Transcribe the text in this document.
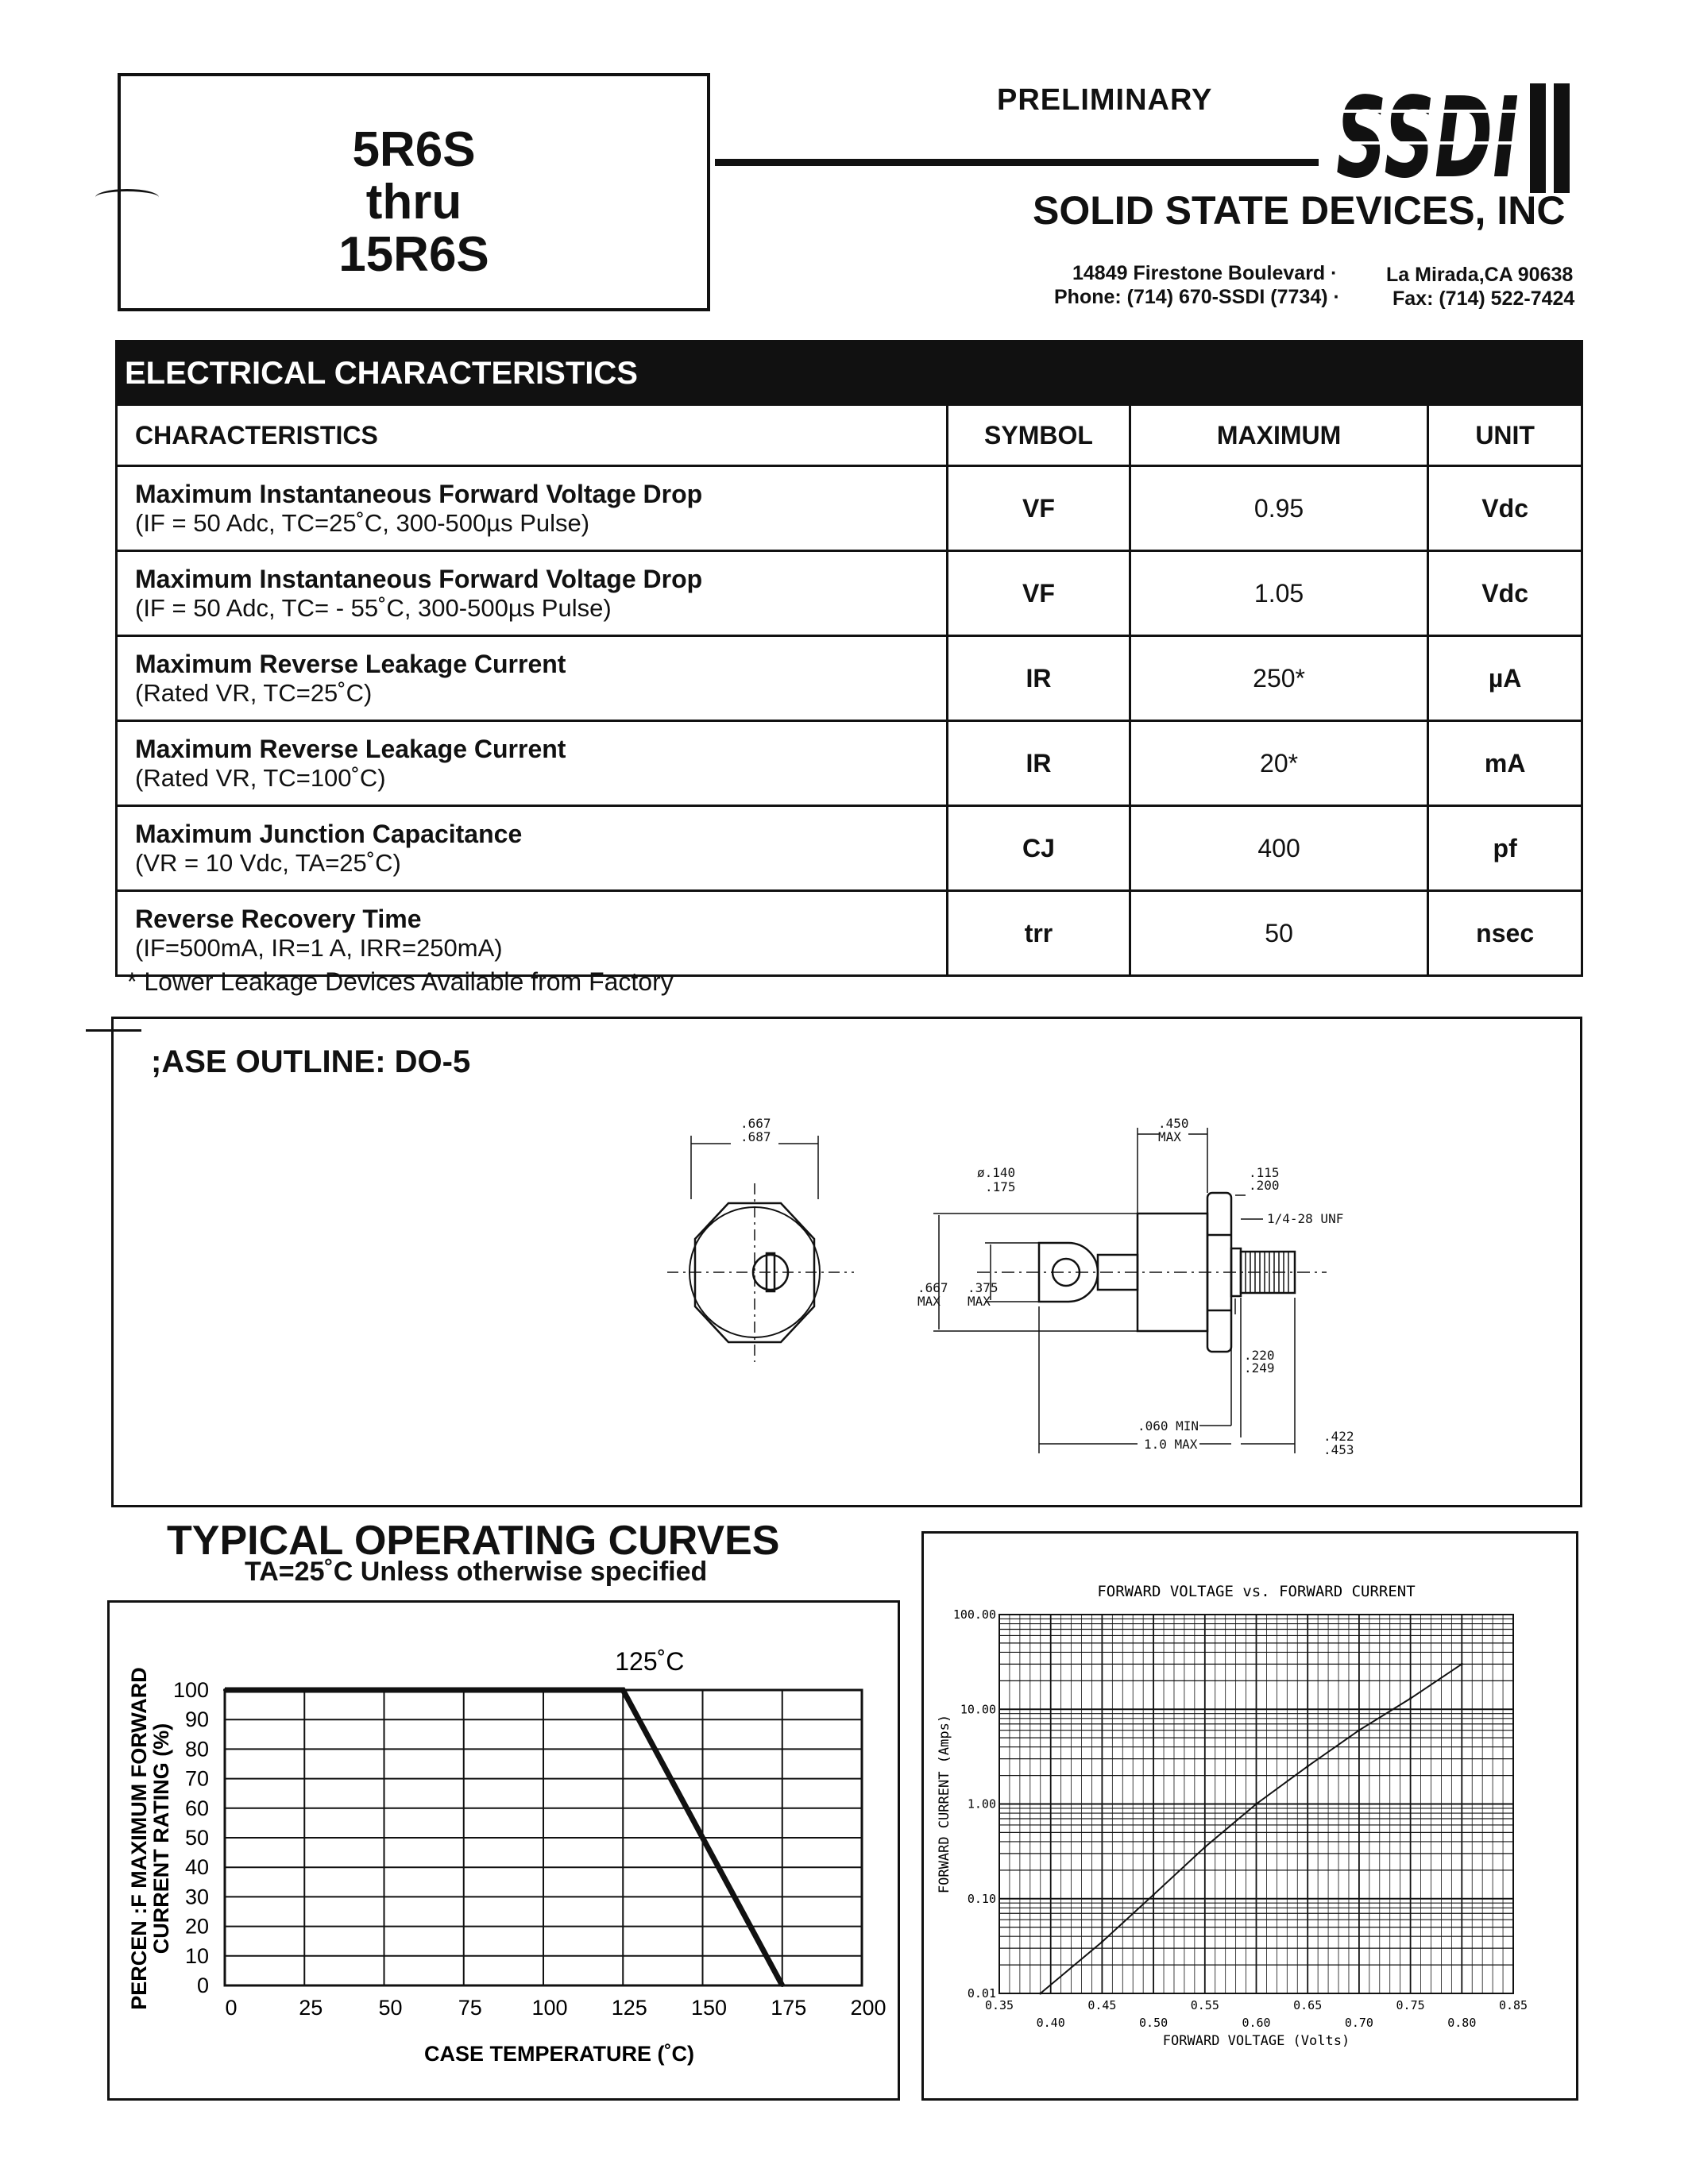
5R6S
thru
15R6S
PRELIMINARY SSDI
SOLID STATE DEVICES, INC
14849 Firestone Boulevard · La Mirada,CA 90638
Phone: (714) 670-SSDI (7734) ·	Fax: (714) 522-7424
ELECTRICAL CHARACTERISTICS
CHARACTERISTICS	SYMBOL	MAXIMUM	UNIT

Maximum Instantaneous Forward Voltage Drop
(IF = 50 Adc, TC=25˚C, 300-500µs Pulse)	VF	0.95	Vdc

Maximum Instantaneous Forward Voltage Drop
(IF = 50 Adc, TC= - 55˚C, 300-500µs Pulse)	VF	1.05	Vdc

Maximum Reverse Leakage Current
(Rated VR, TC=25˚C)	IR	250*	µA

Maximum Reverse Leakage Current
(Rated VR, TC=100˚C)	IR	20*	mA

Maximum Junction Capacitance
(VR = 10 Vdc, TA=25˚C)	CJ	400	pf

Reverse Recovery Time
(IF=500mA, IR=1 A, IRR=250mA)	trr	50	nsec
* Lower Leakage Devices Available from Factory
;ASE OUTLINE: DO-5
.667
.687
.450
MAX
ø.140
.175
.115
.200
1/4-28 UNF
.667
MAX
.375
MAX
.220
.249
.060 MIN
1.0 MAX
.422
.453
TYPICAL OPERATING CURVES
TA=25˚C Unless otherwise specified
0
10
20
30
40
50
60
70
80
90
100
0	25	50	75 100 125 150 175 200
125˚C
CASE TEMPERATURE (˚C)
PERCEN :F MAXIMUM FORWARD
CURRENT RATING (%)
FORWARD VOLTAGE vs. FORWARD CURRENT
0.01
0.10
1.00
10.00
100.00
0.35	0.45	0.55	0.65	0.75	0.85
0.40	0.50	0.60	0.70	0.80
FORWARD VOLTAGE (Volts)
FORWARD CURRENT (Amps)
